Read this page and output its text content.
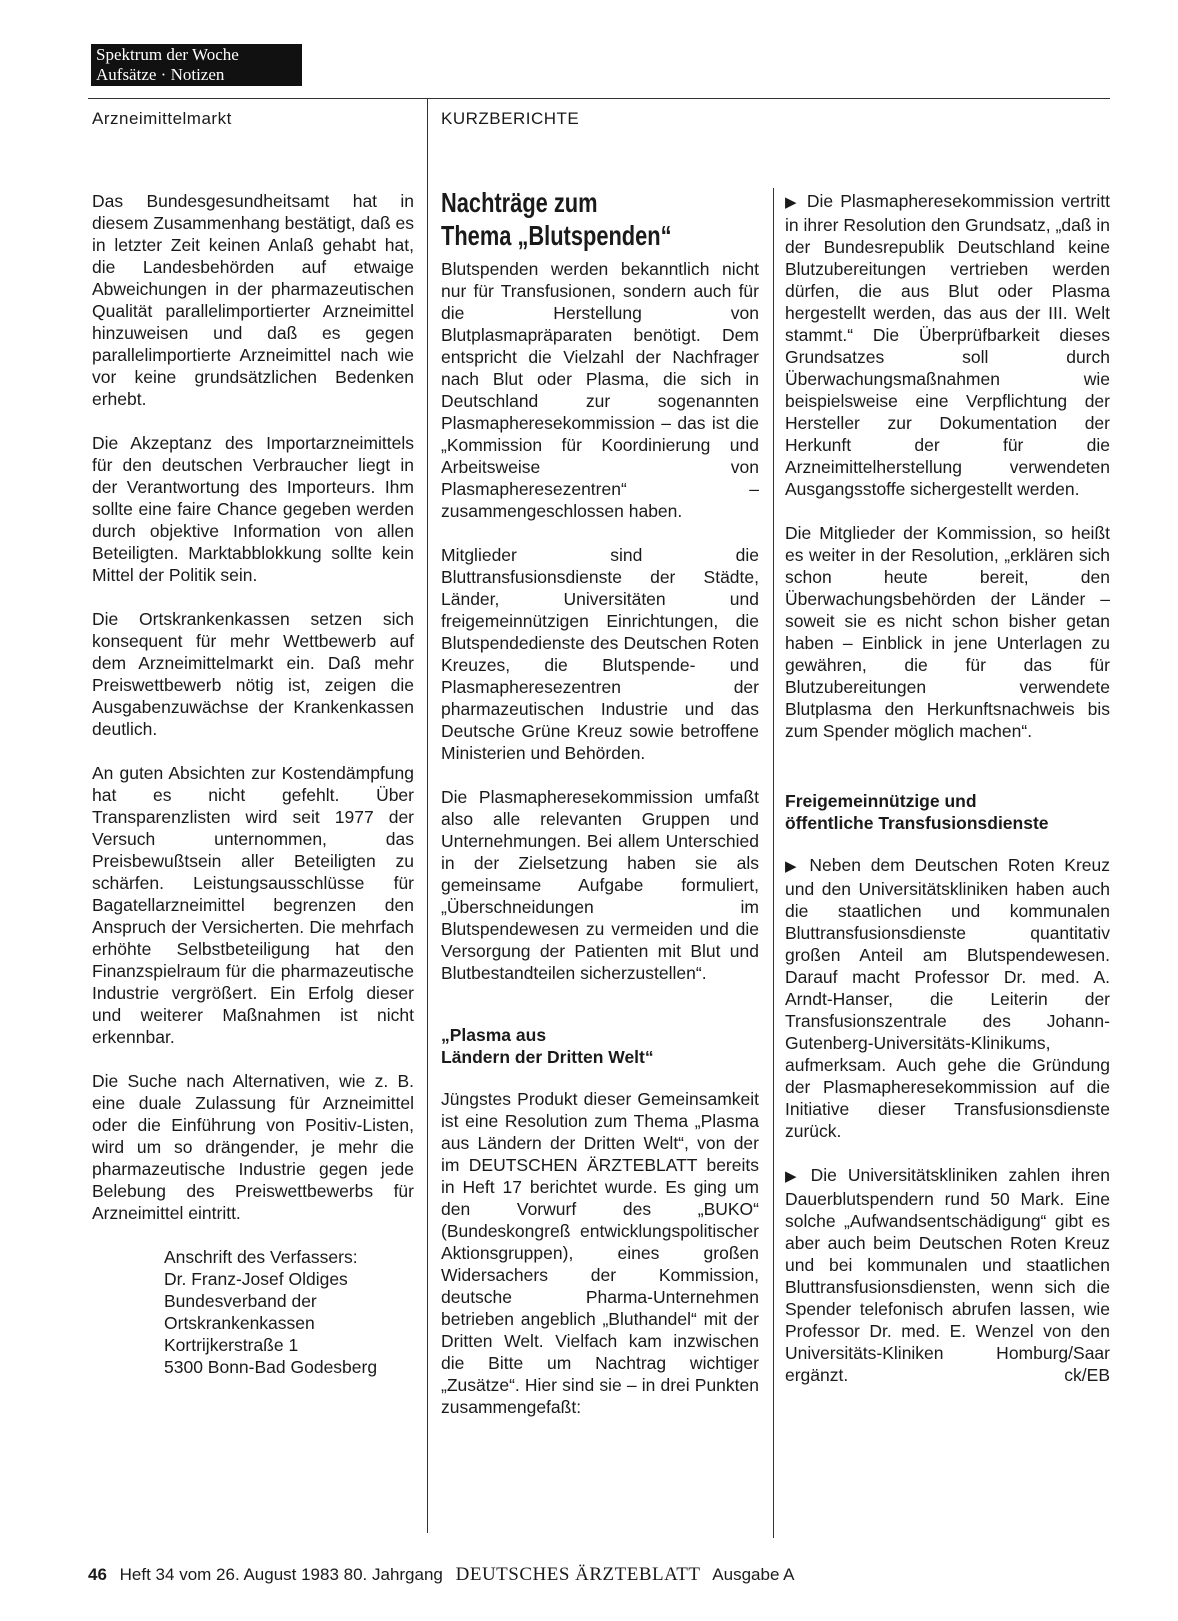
Spektrum der Woche
Aufsätze · Notizen
Arzneimittelmarkt	KURZBERICHTE

Das Bundesgesundheitsamt hat in diesem Zusammenhang bestätigt, daß es in letzter Zeit keinen Anlaß gehabt hat, die Landesbehörden auf etwaige Abweichungen in der pharmazeutischen Qualität parallelimportierter Arzneimittel hinzuweisen und daß es gegen parallelimportierte Arzneimittel nach wie vor keine grundsätzlichen Bedenken erhebt.

Die Akzeptanz des Importarzneimittels für den deutschen Verbraucher liegt in der Verantwortung des Importeurs. Ihm sollte eine faire Chance gegeben werden durch objektive Information von allen Beteiligten. Marktabblokkung sollte kein Mittel der Politik sein.

Die Ortskrankenkassen setzen sich konsequent für mehr Wettbewerb auf dem Arzneimittelmarkt ein. Daß mehr Preiswettbewerb nötig ist, zeigen die Ausgabenzuwächse der Krankenkassen deutlich.

An guten Absichten zur Kostendämpfung hat es nicht gefehlt. Über Transparenzlisten wird seit 1977 der Versuch unternommen, das Preisbewußtsein aller Beteiligten zu schärfen. Leistungsausschlüsse für Bagatellarzneimittel begrenzen den Anspruch der Versicherten. Die mehrfach erhöhte Selbstbeteiligung hat den Finanzspielraum für die pharmazeutische Industrie vergrößert. Ein Erfolg dieser und weiterer Maßnahmen ist nicht erkennbar.

Die Suche nach Alternativen, wie z. B. eine duale Zulassung für Arzneimittel oder die Einführung von Positiv-Listen, wird um so drängender, je mehr die pharmazeutische Industrie gegen jede Belebung des Preiswettbewerbs für Arzneimittel eintritt.

Anschrift des Verfassers:
Dr. Franz-Josef Oldiges
Bundesverband der
Ortskrankenkassen
Kortrijkerstraße 1
5300 Bonn-Bad Godesberg
Nachträge zum
Thema „Blutspenden“

Blutspenden werden bekanntlich nicht nur für Transfusionen, sondern auch für die Herstellung von Blutplasmapräparaten benötigt. Dem entspricht die Vielzahl der Nachfrager nach Blut oder Plasma, die sich in Deutschland zur sogenannten Plasmapheresekommission – das ist die „Kommission für Koordinierung und Arbeitsweise von Plasmapheresezentren“ – zusammengeschlossen haben.

Mitglieder sind die Bluttransfusionsdienste der Städte, Länder, Universitäten und freigemeinnützigen Einrichtungen, die Blutspendedienste des Deutschen Roten Kreuzes, die Blutspende- und Plasmapheresezentren der pharmazeutischen Industrie und das Deutsche Grüne Kreuz sowie betroffene Ministerien und Behörden.

Die Plasmapheresekommission umfaßt also alle relevanten Gruppen und Unternehmungen. Bei allem Unterschied in der Zielsetzung haben sie als gemeinsame Aufgabe formuliert, „Überschneidungen im Blutspendewesen zu vermeiden und die Versorgung der Patienten mit Blut und Blutbestandteilen sicherzustellen“.

„Plasma aus
Ländern der Dritten Welt“

Jüngstes Produkt dieser Gemeinsamkeit ist eine Resolution zum Thema „Plasma aus Ländern der Dritten Welt“, von der im DEUTSCHEN ÄRZTEBLATT bereits in Heft 17 berichtet wurde. Es ging um den Vorwurf des „BUKO“ (Bundeskongreß entwicklungspolitischer Aktionsgruppen), eines großen Widersachers der Kommission, deutsche Pharma-Unternehmen betrieben angeblich „Bluthandel“ mit der Dritten Welt. Vielfach kam inzwischen die Bitte um Nachtrag wichtiger „Zusätze“. Hier sind sie – in drei Punkten zusammengefaßt:

▶ Die Plasmapheresekommission vertritt in ihrer Resolution den Grundsatz, „daß in der Bundesrepublik Deutschland keine Blutzubereitungen vertrieben werden dürfen, die aus Blut oder Plasma hergestellt werden, das aus der III. Welt stammt.“ Die Überprüfbarkeit dieses Grundsatzes soll durch Überwachungsmaßnahmen wie beispielsweise eine Verpflichtung der Hersteller zur Dokumentation der Herkunft der für die Arzneimittelherstellung verwendeten Ausgangsstoffe sichergestellt werden.

Die Mitglieder der Kommission, so heißt es weiter in der Resolution, „erklären sich schon heute bereit, den Überwachungsbehörden der Länder – soweit sie es nicht schon bisher getan haben – Einblick in jene Unterlagen zu gewähren, die für das für Blutzubereitungen verwendete Blutplasma den Herkunftsnachweis bis zum Spender möglich machen“.

Freigemeinnützige und
öffentliche Transfusionsdienste

▶ Neben dem Deutschen Roten Kreuz und den Universitätskliniken haben auch die staatlichen und kommunalen Bluttransfusionsdienste quantitativ großen Anteil am Blutspendewesen. Darauf macht Professor Dr. med. A. Arndt-Hanser, die Leiterin der Transfusionszentrale des Johann-Gutenberg-Universitäts-Klinikums, aufmerksam. Auch gehe die Gründung der Plasmapheresekommission auf die Initiative dieser Transfusionsdienste zurück.

▶ Die Universitätskliniken zahlen ihren Dauerblutspendern rund 50 Mark. Eine solche „Aufwandsentschädigung“ gibt es aber auch beim Deutschen Roten Kreuz und bei kommunalen und staatlichen Bluttransfusionsdiensten, wenn sich die Spender telefonisch abrufen lassen, wie Professor Dr. med. E. Wenzel von den Universitäts-Kliniken Homburg/Saar ergänzt.	ck/EB

46 Heft 34 vom 26. August 1983 80. Jahrgang DEUTSCHES ÄRZTEBLATT Ausgabe A
